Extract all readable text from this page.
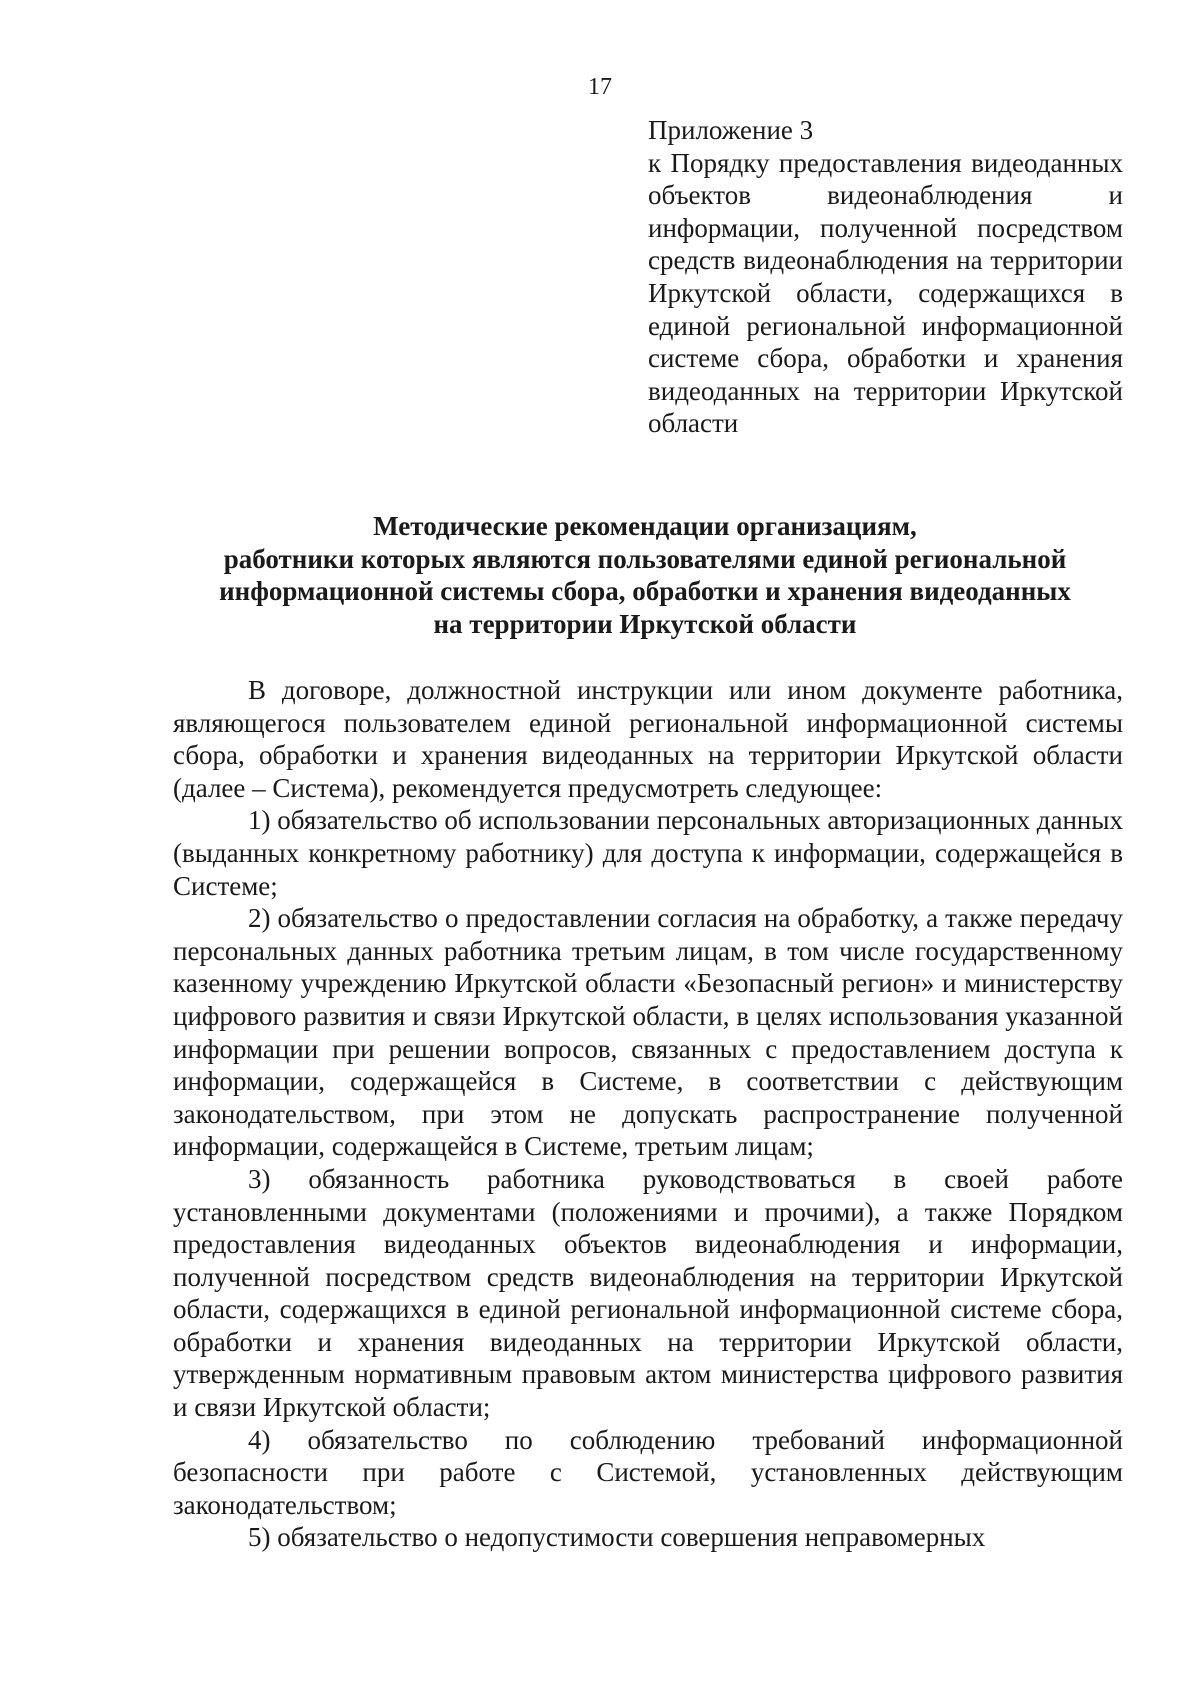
17
Приложение 3
к Порядку предоставления видеоданных объектов видеонаблюдения и информации, полученной посредством средств видеонаблюдения на территории Иркутской области, содержащихся в единой региональной информационной системе сбора, обработки и хранения видеоданных на территории Иркутской области
Методические рекомендации организациям,
работники которых являются пользователями единой региональной
информационной системы сбора, обработки и хранения видеоданных
на территории Иркутской области

В договоре, должностной инструкции или ином документе работника, являющегося пользователем единой региональной информационной системы сбора, обработки и хранения видеоданных на территории Иркутской области (далее – Система), рекомендуется предусмотреть следующее:

1) обязательство об использовании персональных авторизационных данных (выданных конкретному работнику) для доступа к информации, содержащейся в Системе;

2) обязательство о предоставлении согласия на обработку, а также передачу персональных данных работника третьим лицам, в том числе государственному казенному учреждению Иркутской области «Безопасный регион» и министерству цифрового развития и связи Иркутской области, в целях использования указанной информации при решении вопросов, связанных с предоставлением доступа к информации, содержащейся в Системе, в соответствии с действующим законодательством, при этом не допускать распространение полученной информации, содержащейся в Системе, третьим лицам;

3) обязанность работника руководствоваться в своей работе установленными документами (положениями и прочими), а также Порядком предоставления видеоданных объектов видеонаблюдения и информации, полученной посредством средств видеонаблюдения на территории Иркутской области, содержащихся в единой региональной информационной системе сбора, обработки и хранения видеоданных на территории Иркутской области, утвержденным нормативным правовым актом министерства цифрового развития и связи Иркутской области;

4) обязательство по соблюдению требований информационной безопасности при работе с Системой, установленных действующим законодательством;

5) обязательство о недопустимости совершения неправомерных
